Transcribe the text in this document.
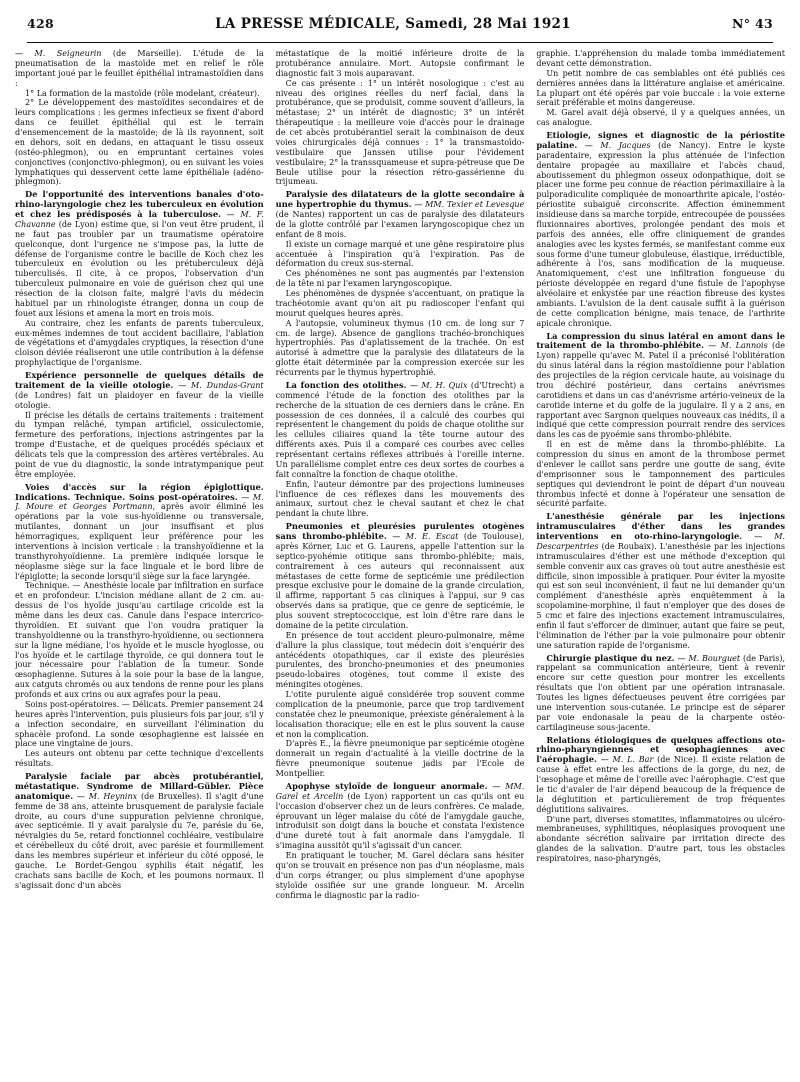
428	LA PRESSE MÉDICALE, Samedi, 28 Mai 1921	N° 43

— M. Seigneurin (de Marseille). L'étude de la pneumatisation de la mastoïde met en relief le rôle important joué par le feuillet épithélial intramastoïdien dans :

1° La formation de la mastoïde (rôle modelant, créateur).

2° Le développement des mastoïdites secondaires et de leurs complications : les germes infectieux se fixent d'abord dans ce feuillet épithélial qui est le terrain d'ensemencement de la mastoïde; de là ils rayonnent, soit en dehors, soit en dedans, en attaquant le tissu osseux (ostéo-phlegmon), ou en empruntant certaines voies conjonctives (conjonctivo-phlegmon), ou en suivant les voies lymphatiques qui desservent cette lame épithéliale (adéno-phlegmon).

De l'opportunité des interventions banales d'oto-rhino-laryngologie chez les tuberculeux en évolution et chez les prédisposés à la tuberculose. — M. F. Chavanne (de Lyon) estime que, si l'on veut être prudent, il ne faut pas troubler par un traumatisme opératoire quelconque, dont l'urgence ne s'impose pas, la lutte de défense de l'organisme contre le bacille de Koch chez les tuberculeux en évolution ou les prétuberculeux déjà tuberculisés. Il cite, à ce propos, l'observation d'un tuberculeux pulmonaire en voie de guérison chez qui une résection de la cloison faite, malgré l'avis du médecin habituel par un rhinologiste étranger, donna un coup de fouet aux lésions et amena la mort en trois mois.

Au contraire, chez les enfants de parents tuberculeux, eux-mêmes indemnes de tout accident bacillaire, l'ablation de végétations et d'amygdales cryptiques, la résection d'une cloison déviée réaliseront une utile contribution à la défense prophylactique de l'organisme.

Expérience personnelle de quelques détails de traitement de la vieille otologie. — M. Dundas-Grant (de Londres) fait un plaidoyer en faveur de la vieille otologie.

Il précise les détails de certains traitements : traitement du tympan relâché, tympan artificiel, ossiculectomie, fermeture des perforations, injections astringentes par la trompe d'Eustache, et de quelques procédés spéciaux et délicats tels que la compression des artères vertébrales. Au point de vue du diagnostic, la sonde intratympanique peut être employée.

Voies d'accès sur la région épiglottique. Indications. Technique. Soins post-opératoires. — M. J. Moure et Georges Portmann, après avoir éliminé les opérations par la voie sus-hyoïdienne ou transversale, mutilantes, donnant un jour insuffisant et plus hémorragiques, expliquent leur préférence pour les interventions à incision verticale : la transhyoïdienne et la transthyrohyoïdienne. La première indiquée lorsque le néoplasme siège sur la face linguale et le bord libre de l'épiglotte; la seconde lorsqu'il siège sur la face laryngée.

Technique. — Anesthésie locale par infiltration en surface et en profondeur. L'incision médiane allant de 2 cm. au-dessus de l'os hyoïde jusqu'au cartilage cricoïde est la même dans les deux cas. Canule dans l'espace intercrico-thyroïdien. Et suivant que l'on voudra pratiquer la transhyoïdienne ou la transthyro-hyoïdienne, ou sectionnera sur la ligne médiane, l'os hyoïde et le muscle hyoglosse, ou l'os hyoïde et le cartilage thyroïde, ce qui donnera tout le jour nécessaire pour l'ablation de la tumeur. Sonde œsophagienne. Sutures à la soie pour la base de la langue, aux catguts chromés ou aux tendons de renne pour les plans profonds et aux crins ou aux agrafes pour la peau.

Soins post-opératoires. — Délicats. Premier pansement 24 heures après l'intervention, puis plusieurs fois par jour, s'il y a infection secondaire, en surveillant l'élimination du sphacèle profond. La sonde œsophagienne est laissée en place une vingtaine de jours.

Les auteurs ont obtenu par cette technique d'excellents résultats.

Paralysie faciale par abcès protubérantiel, métastatique. Syndrome de Millard-Gübler. Pièce anatomique. — M. Heyninx (de Bruxelles). Il s'agit d'une femme de 38 ans, atteinte brusquement de paralysie faciale droite, au cours d'une suppuration pelvienne chronique, avec septicémie. Il y avait paralysie du 7e, parésie du 6e, névralgies du 5e, retard fonctionnel cochléaire, vestibulaire et cérébelleux du côté droit, avec parésie et fourmillement dans les membres supérieur et inférieur du côté opposé, le gauche. Le Bordet-Gengou syphilis était négatif, les crachats sans bacille de Koch, et les poumons normaux. Il s'agissait donc d'un abcès

métastatique de la moitié inférieure droite de la protubérance annulaire. Mort. Autopsie confirmant le diagnostic fait 3 mois auparavant.

Ce cas présente : 1° un intérêt nosologique : c'est au niveau des origines réelles du nerf facial, dans la protubérance, que se produisit, comme souvent d'ailleurs, la métastase; 2° un intérêt de diagnostic; 3° un intérêt thérapeutique : la meilleure voie d'accès pour le drainage de cet abcès protubérantiel serait la combinaison de deux voies chirurgicales déjà connues : 1° la transmastoïdo-vestibulaire que Janssen utilise pour l'évidement vestibulaire; 2° la transsquameuse et supra-pétreuse que De Beule utilise pour la résection rétro-gassérienne du trijumeau.

Paralysie des dilatateurs de la glotte secondaire à une hypertrophie du thymus. — MM. Texier et Levesque (de Nantes) rapportent un cas de paralysie des dilatateurs de la glotte contrôlé par l'examen laryngoscopique chez un enfant de 8 mois.

Il existe un cornage marqué et une gêne respiratoire plus accentuée à l'inspiration qu'à l'expiration. Pas de déformation du creux sus-sternal.

Ces phénomènes ne sont pas augmentés par l'extension de la tête ni par l'examen laryngoscopique.

Les phénomènes de dyspnée s'accentuant, on pratique la trachéotomie avant qu'on ait pu radioscoper l'enfant qui mourut quelques heures après.

A l'autopsie, volumineux thymus (10 cm. de long sur 7 cm. de large). Absence de ganglions trachéo-bronchiques hypertrophiés. Pas d'aplatissement de la trachée. On est autorisé à admettre que la paralysie des dilatateurs de la glotte était déterminée par la compression exercée sur les récurrents par le thymus hypertrophié.

La fonction des otolithes. — M. H. Quix (d'Utrecht) a commencé l'étude de la fonction des otolithes par la recherche de la situation de ces derniers dans le crâne. En possession de ces données, il a calculé des courbes qui représentent le changement du poids de chaque otolithe sur les cellules ciliaires quand la tête tourne autour des différents axes. Puis il a comparé ces courbes avec celles représentant certains réflexes attribués à l'oreille interne. Un parallélisme complet entre ces deux sortes de courbes a fait connaître la fonction de chaque otolithe.

Enfin, l'auteur démontre par des projections lumineuses l'influence de ces réflexes dans les mouvements des animaux, surtout chez le cheval sautant et chez le chat pendant la chute libre.

Pneumonies et pleurésies purulentes otogènes sans thrombo-phlébite. — M. E. Escat (de Toulouse), après Körner, Luc et G. Laurens, appelle l'attention sur la septico-pyohémie otitique sans thrombo-phlébite; mais, contrairement à ces auteurs qui reconnaissent aux métastases de cette forme de septicémie une prédilection presque exclusive pour le domaine de la grande circulation, il affirme, rapportant 5 cas cliniques à l'appui, sur 9 cas observés dans sa pratique, que ce genre de septicémie, le plus souvent streptococcique, est loin d'être rare dans le domaine de la petite circulation.

En présence de tout accident pleuro-pulmonaire, même d'allure la plus classique, tout médecin doit s'enquérir des antécédents otopathiques, car il existe des pleurésies purulentes, des broncho-pneumonies et des pneumonies pseudo-lobaires otogènes, tout comme il existe des méningites otogènes.

L'otite purulente aiguë considérée trop souvent comme complication de la pneumonie, parce que trop tardivement constatée chez le pneumonique, préexiste généralement à la localisation thoracique; elle en est le plus souvent la cause et non la complication.

D'après E., la fièvre pneumonique par septicémie otogène donnerait un regain d'actualité à la vieille doctrine de la fièvre pneumonique soutenue jadis par l'Ecole de Montpellier.

Apophyse styloïde de longueur anormale. — MM. Garel et Arcelin (de Lyon) rapportent un cas qu'ils ont eu l'occasion d'observer chez un de leurs confrères. Ce malade, éprouvant un léger malaise du côté de l'amygdale gauche, introduisit son doigt dans la bouche et constata l'existence d'une dureté tout à fait anormale dans l'amygdale. Il s'imagina aussitôt qu'il s'agissait d'un cancer.

En pratiquant le toucher, M. Garel déclara sans hésiter qu'on se trouvait en présence non pas d'un néoplasme, mais d'un corps étranger, ou plus simplement d'une apophyse styloïde ossifiée sur une grande longueur. M. Arcelin confirma le diagnostic par la radio-

graphie. L'appréhension du malade tomba immédiatement devant cette démonstration.

Un petit nombre de cas semblables ont été publiés ces dernières années dans la littérature anglaise et américaine. La plupart ont été opérés par voie buccale : la voie externe serait préférable et moins dangereuse.

M. Garel avait déjà observé, il y a quelques années, un cas analogue.

Etiologie, signes et diagnostic de la périostite palatine. — M. Jacques (de Nancy). Entre le kyste paradentaire, expression la plus atténuée de l'infection dentaire propagée au maxillaire et l'abcès chaud, aboutissement du phlegmon osseux odonpathique, doit se placer une forme peu connue de réaction périmaxillaire à la pulporadiculite compliquée de monoarthrite apicale, l'ostéo-périostite subaiguë circonscrite. Affection éminemment insidieuse dans sa marche torpide, entrecoupée de poussées fluxionnaires abortives, prolongée pendant des mois et parfois des années, elle offre cliniquement de grandes analogies avec les kystes fermés, se manifestant comme eux sous forme d'une tumeur globuleuse, élastique, irréductible, adhérente à l'os, sans modification de la muqueuse. Anatomiquement, c'est une infiltration fongueuse du périoste développée en regard d'une fistule de l'apophyse alvéolaire et enkystée par une réaction fibreuse des kystes ambiants. L'avulsion de la dent causale suffit à la guérison de cette complication bénigne, mais tenace, de l'arthrite apicale chronique.

La compression du sinus latéral en amont dans le traitement de la thrombo-phlébite. — M. Lannois (de Lyon) rappelle qu'avec M. Patel il a préconisé l'oblitération du sinus latéral dans la région mastoïdienne pour l'ablation des projectiles de la région cervicale haute, au voisinage du trou déchiré postérieur, dans certains anévrismes carotidiens et dans un cas d'anévrisme artério-veineux de la carotide interne et du golfe de la jugulaire. Il y a 2 ans, en rapportant avec Sargnon quelques nouveaux cas inédits, il a indiqué que cette compression pourrait rendre des services dans les cas de pyoémie sans thrombo-phlébite.

Il en est de même dans la thrombo-phlébite. La compression du sinus en amont de la thrombose permet d'enlever le caillot sans perdre une goutte de sang, évite d'emprisonner sous le tamponnement des particules septiques qui deviendront le point de départ d'un nouveau thrombus infecté et donne à l'opérateur une sensation de sécurité parfaite.

L'anesthésie générale par les injections intramusculaires d'éther dans les grandes interventions en oto-rhino-laryngologie. — M. Descarpentries (de Roubaix). L'anesthésie par les injections intramusculaires d'éther est une méthode d'exception qui semble convenir aux cas graves où tout autre anesthésie est difficile, sinon impossible à pratiquer. Pour éviter la myosite qui est son seul inconvénient, il faut ne lui demander qu'un complément d'anesthésie après enquêtemment à la scopolamine-morphine, il faut n'employer que des doses de 5 cmc et faire des injections exactement intramusculaires, enfin il faut s'efforcer de diminuer, autant que faire se peut, l'élimination de l'éther par la voie pulmonaire pour obtenir une saturation rapide de l'organisme.

Chirurgie plastique du nez. — M. Bourguet (de Paris), rappelant sa communication antérieure, tient à revenir encore sur cette question pour montrer les excellents résultats que l'on obtient par une opération intranasale. Toutes les lignes défectueuses peuvent être corrigées par une intervention sous-cutanée. Le principe est de séparer par voie endonasale la peau de la charpente ostéo-cartilagineuse sous-jacente.

Relations étiologiques de quelques affections oto-rhino-pharyngiennes et œsophagiennes avec l'aérophagie. — M. L. Bar (de Nice). Il existe relation de cause à effet entre les affections de la gorge, du nez, de l'œsophage et même de l'oreille avec l'aérophagie. C'est que le tic d'avaler de l'air dépend beaucoup de la fréquence de la déglutition et particulièrement de trop fréquentes déglutitions salivaires.

D'une part, diverses stomatites, inflammatoires ou ulcéro-membraneuses, syphilitiques, néoplasiques provoquent une abondante sécrétion salivaire par irritation directe des glandes de la salivation. D'autre part, tous les obstacles respiratoires, naso-pharyngés,
